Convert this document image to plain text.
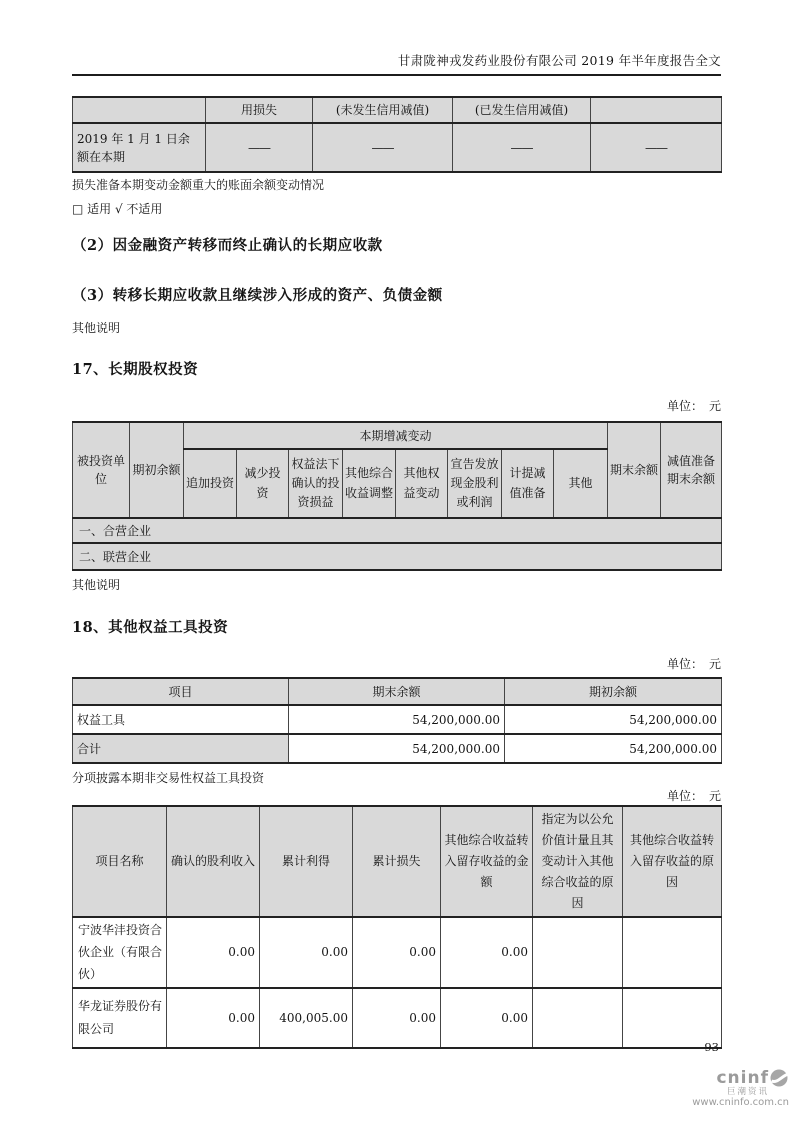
甘肃陇神戎发药业股份有限公司 2019 年半年度报告全文
	用损失	(未发生信用减值)	(已发生信用减值)	
2019 年 1 月 1 日余额在本期	——	——	——	——
损失准备本期变动金额重大的账面余额变动情况
□ 适用 √ 不适用
（2）因金融资产转移而终止确认的长期应收款
（3）转移长期应收款且继续涉入形成的资产、负债金额
其他说明
17、长期股权投资
单位：　元
被投资单位	期初余额	本期增减变动								期末余额	减值准备期末余额
		追加投资	减少投资	权益法下确认的投资损益	其他综合收益调整	其他权益变动	宣告发放现金股利或利润	计提减值准备	其他		
一、合营企业											
二、联营企业											
其他说明
18、其他权益工具投资
单位：　元
项目	期末余额	期初余额
权益工具	54,200,000.00	54,200,000.00
合计	54,200,000.00	54,200,000.00
分项披露本期非交易性权益工具投资
单位：　元
项目名称	确认的股利收入	累计利得	累计损失	其他综合收益转入留存收益的金额	指定为以公允价值计量且其变动计入其他综合收益的原因	其他综合收益转入留存收益的原因
宁波华沣投资合伙企业（有限合伙）	0.00	0.00	0.00	0.00		
华龙证券股份有限公司	0.00	400,005.00	0.00	0.00		
93
cninf
巨潮资讯
www.cninfo.com.cn
